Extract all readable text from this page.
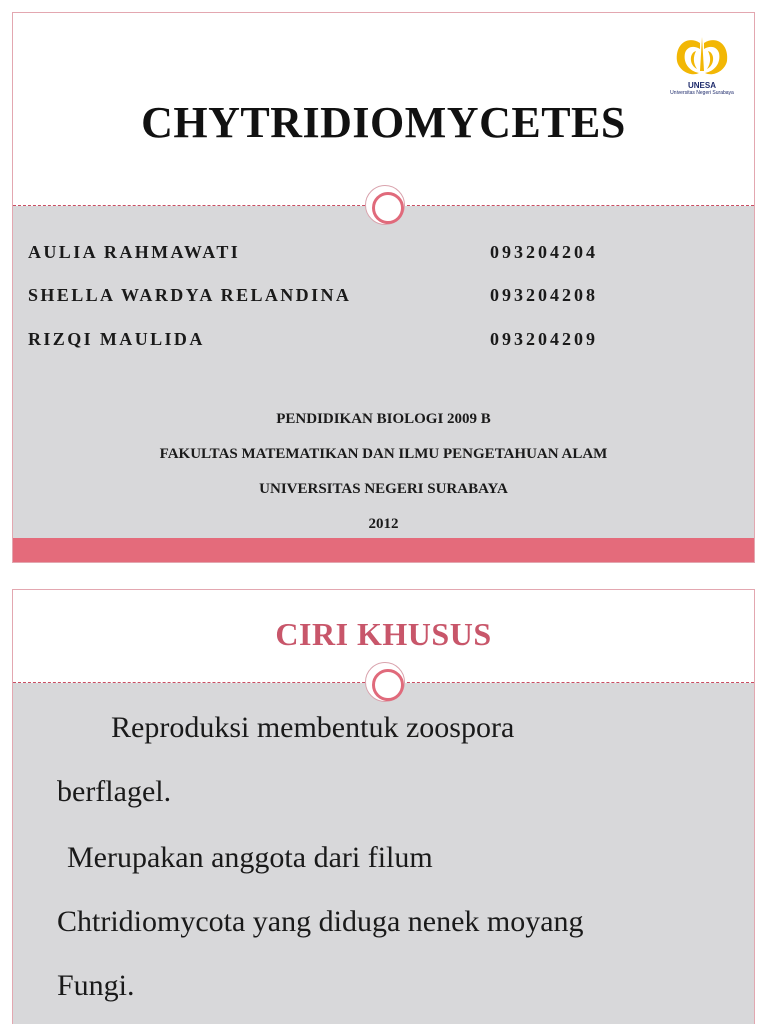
UNESA
Universitas Negeri Surabaya
CHYTRIDIOMYCETES
AULIA RAHMAWATI	093204204
SHELLA WARDYA RELANDINA	093204208
RIZQI MAULIDA	093204209
PENDIDIKAN BIOLOGI 2009 B
FAKULTAS MATEMATIKAN DAN ILMU PENGETAHUAN ALAM
UNIVERSITAS NEGERI SURABAYA
2012
CIRI KHUSUS
Reproduksi membentuk zoospora
berflagel.
Merupakan anggota dari filum
Chtridiomycota yang diduga nenek moyang
Fungi.
